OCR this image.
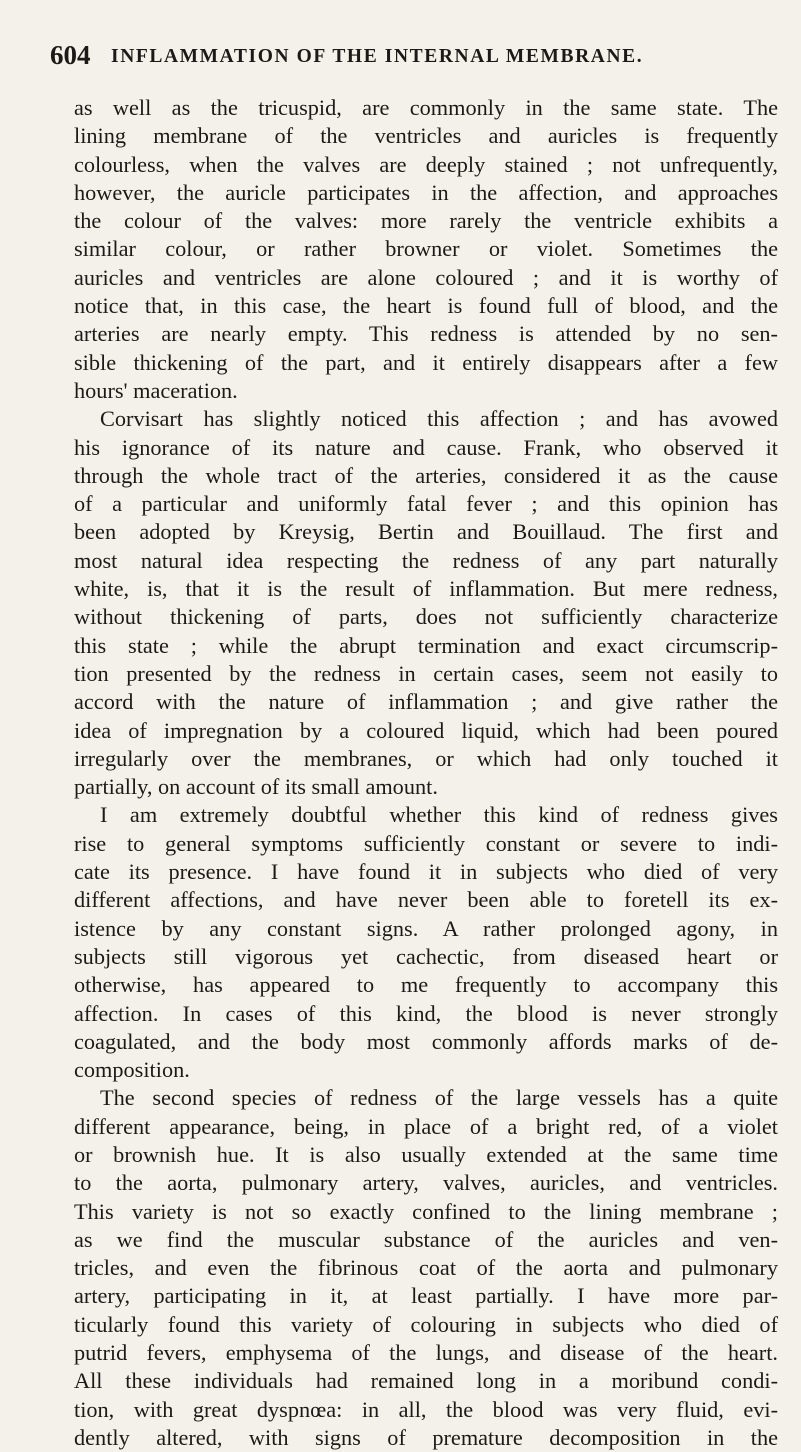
604 INFLAMMATION OF THE INTERNAL MEMBRANE.
as well as the tricuspid, are commonly in the same state. The
lining membrane of the ventricles and auricles is frequently
colourless, when the valves are deeply stained ; not unfrequently,
however, the auricle participates in the affection, and approaches
the colour of the valves: more rarely the ventricle exhibits a
similar colour, or rather browner or violet. Sometimes the
auricles and ventricles are alone coloured ; and it is worthy of
notice that, in this case, the heart is found full of blood, and the
arteries are nearly empty. This redness is attended by no sen-
sible thickening of the part, and it entirely disappears after a few
hours' maceration.
Corvisart has slightly noticed this affection ; and has avowed
his ignorance of its nature and cause. Frank, who observed it
through the whole tract of the arteries, considered it as the cause
of a particular and uniformly fatal fever ; and this opinion has
been adopted by Kreysig, Bertin and Bouillaud. The first and
most natural idea respecting the redness of any part naturally
white, is, that it is the result of inflammation. But mere redness,
without thickening of parts, does not sufficiently characterize
this state ; while the abrupt termination and exact circumscrip-
tion presented by the redness in certain cases, seem not easily to
accord with the nature of inflammation ; and give rather the
idea of impregnation by a coloured liquid, which had been poured
irregularly over the membranes, or which had only touched it
partially, on account of its small amount.
I am extremely doubtful whether this kind of redness gives
rise to general symptoms sufficiently constant or severe to indi-
cate its presence. I have found it in subjects who died of very
different affections, and have never been able to foretell its ex-
istence by any constant signs. A rather prolonged agony, in
subjects still vigorous yet cachectic, from diseased heart or
otherwise, has appeared to me frequently to accompany this
affection. In cases of this kind, the blood is never strongly
coagulated, and the body most commonly affords marks of de-
composition.
The second species of redness of the large vessels has a quite
different appearance, being, in place of a bright red, of a violet
or brownish hue. It is also usually extended at the same time
to the aorta, pulmonary artery, valves, auricles, and ventricles.
This variety is not so exactly confined to the lining membrane ;
as we find the muscular substance of the auricles and ven-
tricles, and even the fibrinous coat of the aorta and pulmonary
artery, participating in it, at least partially. I have more par-
ticularly found this variety of colouring in subjects who died of
putrid fevers, emphysema of the lungs, and disease of the heart.
All these individuals had remained long in a moribund condi-
tion, with great dyspnœa: in all, the blood was very fluid, evi-
dently altered, with signs of premature decomposition in the
